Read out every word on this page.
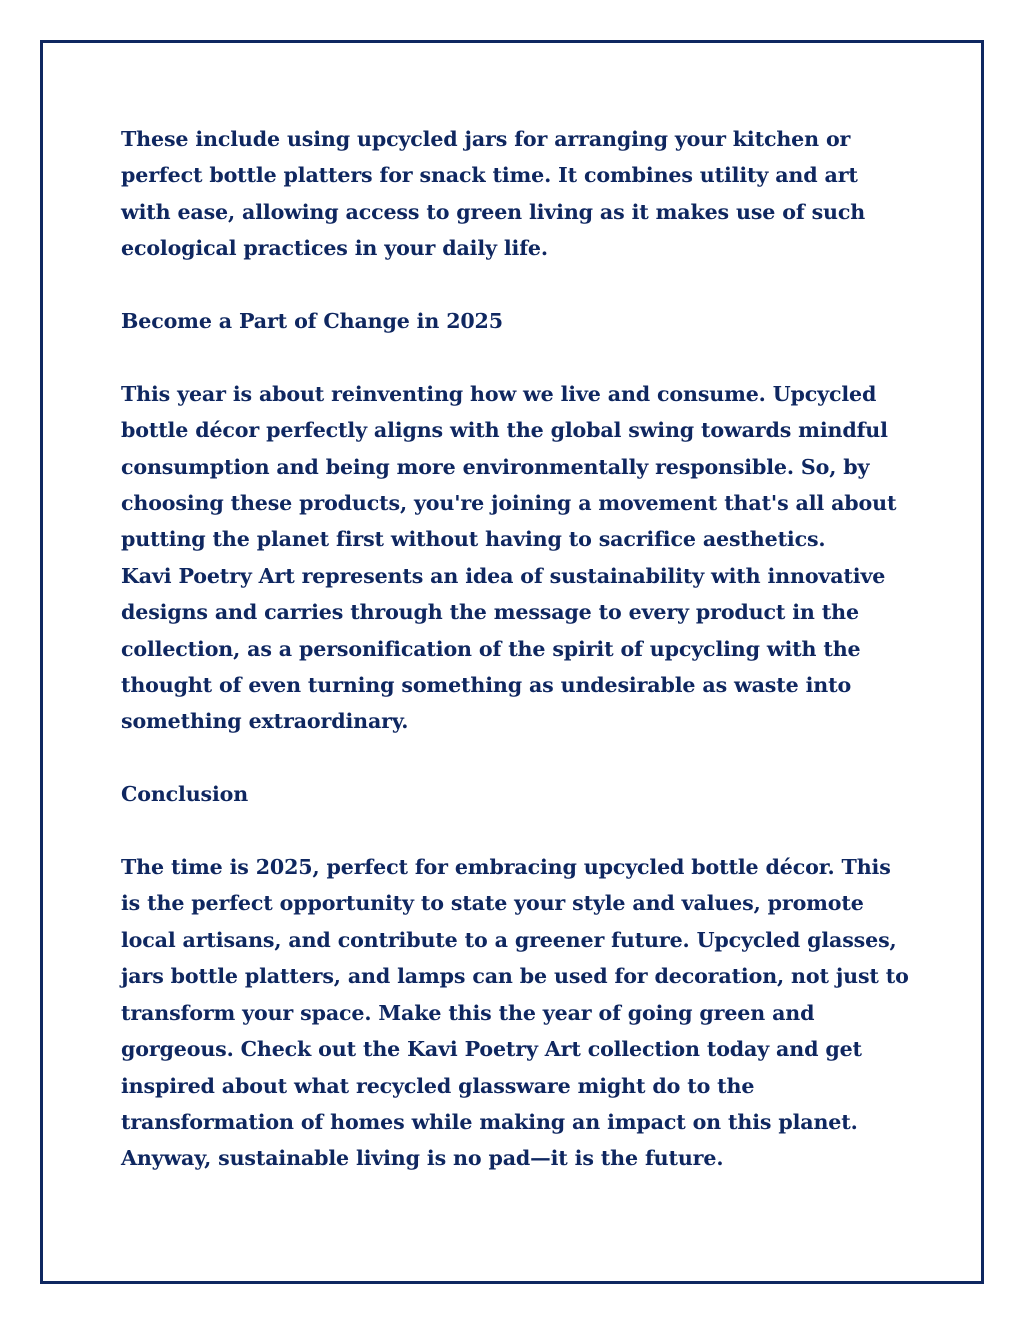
These include using upcycled jars for arranging your kitchen or perfect bottle platters for snack time. It combines utility and art with ease, allowing access to green living as it makes use of such ecological practices in your daily life.

Become a Part of Change in 2025

This year is about reinventing how we live and consume. Upcycled bottle décor perfectly aligns with the global swing towards mindful consumption and being more environmentally responsible. So, by choosing these products, you're joining a movement that's all about putting the planet first without having to sacrifice aesthetics.

Kavi Poetry Art represents an idea of sustainability with innovative designs and carries through the message to every product in the collection, as a personification of the spirit of upcycling with the thought of even turning something as undesirable as waste into something extraordinary.

Conclusion

The time is 2025, perfect for embracing upcycled bottle décor. This is the perfect opportunity to state your style and values, promote local artisans, and contribute to a greener future. Upcycled glasses, jars bottle platters, and lamps can be used for decoration, not just to transform your space. Make this the year of going green and gorgeous. Check out the Kavi Poetry Art collection today and get inspired about what recycled glassware might do to the transformation of homes while making an impact on this planet. Anyway, sustainable living is no pad—it is the future.
